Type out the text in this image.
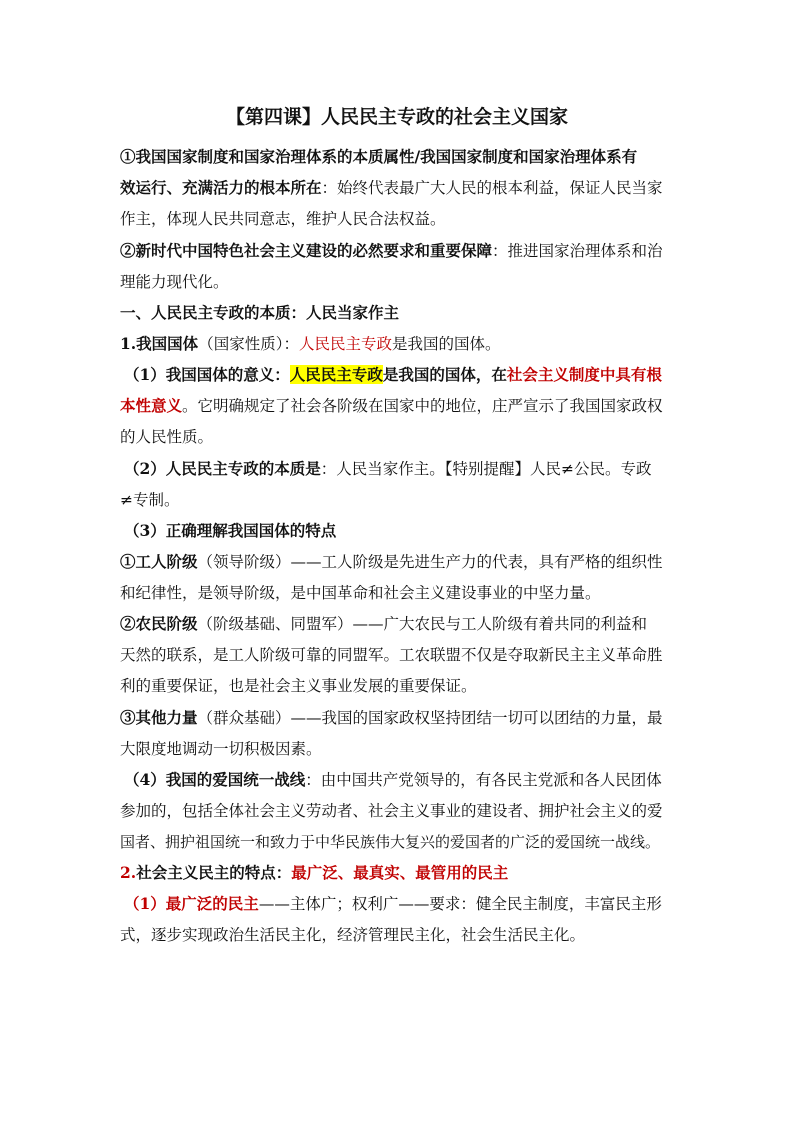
【第四课】人民民主专政的社会主义国家
①我国国家制度和国家治理体系的本质属性/我国国家制度和国家治理体系有
效运行、充满活力的根本所在：始终代表最广大人民的根本利益，保证人民当家
作主，体现人民共同意志，维护人民合法权益。
②新时代中国特色社会主义建设的必然要求和重要保障：推进国家治理体系和治
理能力现代化。
一、人民民主专政的本质：人民当家作主
1.我国国体（国家性质）：人民民主专政是我国的国体。
（1）我国国体的意义：人民民主专政是我国的国体，在社会主义制度中具有根
本性意义。它明确规定了社会各阶级在国家中的地位，庄严宣示了我国国家政权
的人民性质。
（2）人民民主专政的本质是：人民当家作主。【特别提醒】人民≠公民。专政
≠专制。
（3）正确理解我国国体的特点
①工人阶级（领导阶级）——工人阶级是先进生产力的代表，具有严格的组织性
和纪律性，是领导阶级，是中国革命和社会主义建设事业的中坚力量。
②农民阶级（阶级基础、同盟军）——广大农民与工人阶级有着共同的利益和
天然的联系，是工人阶级可靠的同盟军。工农联盟不仅是夺取新民主主义革命胜
利的重要保证，也是社会主义事业发展的重要保证。
③其他力量（群众基础）——我国的国家政权坚持团结一切可以团结的力量，最
大限度地调动一切积极因素。
（4）我国的爱国统一战线：由中国共产党领导的，有各民主党派和各人民团体
参加的，包括全体社会主义劳动者、社会主义事业的建设者、拥护社会主义的爱
国者、拥护祖国统一和致力于中华民族伟大复兴的爱国者的广泛的爱国统一战线。
2.社会主义民主的特点：最广泛、最真实、最管用的民主
（1）最广泛的民主——主体广；权利广——要求：健全民主制度，丰富民主形
式，逐步实现政治生活民主化，经济管理民主化，社会生活民主化。
